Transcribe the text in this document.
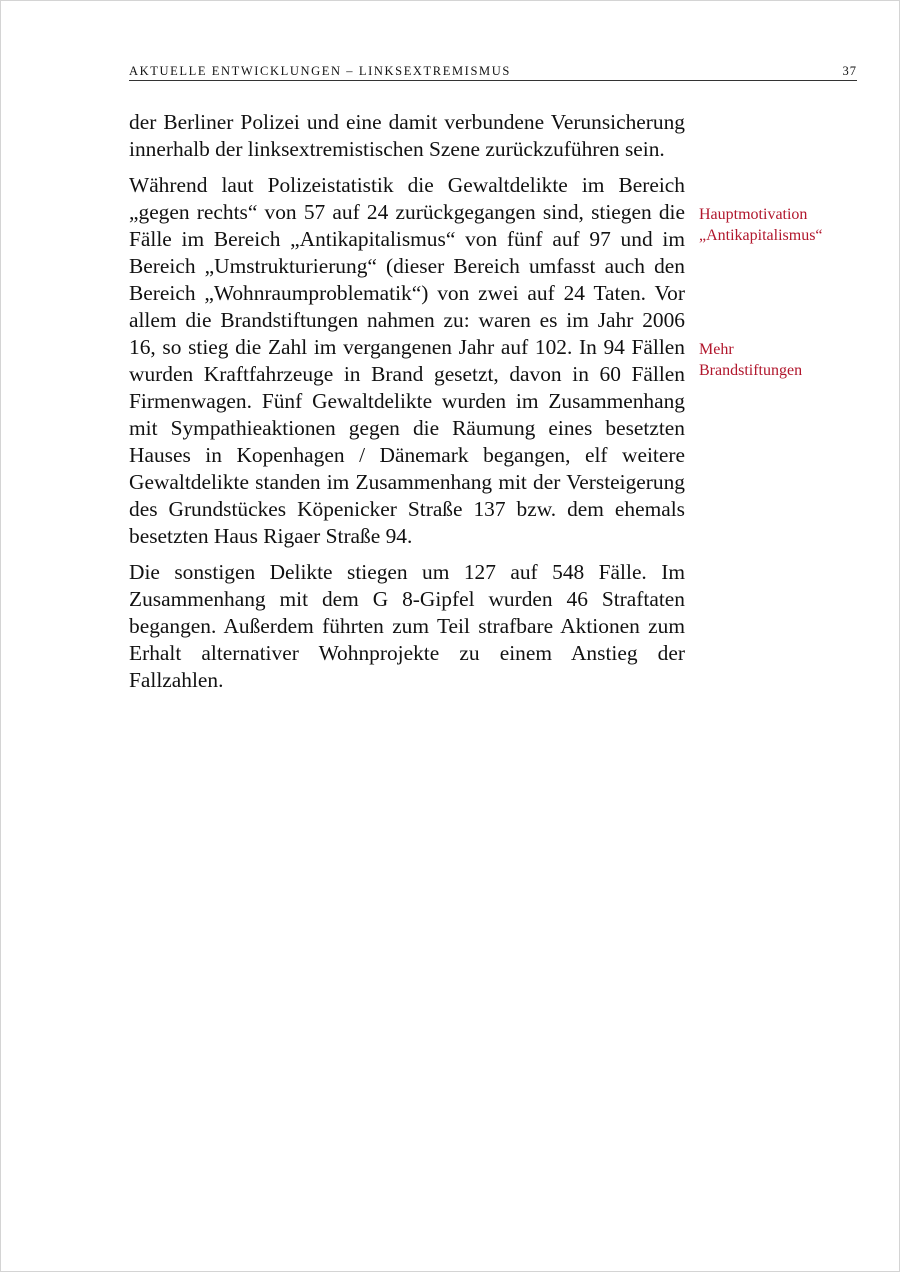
AKTUELLE ENTWICKLUNGEN – LINKSEXTREMISMUS	37

der Berliner Polizei und eine damit verbundene Verunsicherung innerhalb der linksextremistischen Szene zurückzuführen sein.

Während laut Polizeistatistik die Gewaltdelikte im Bereich „gegen rechts“ von 57 auf 24 zurückgegangen sind, stiegen die Fälle im Bereich „Antikapitalismus“ von fünf auf 97 und im Bereich „Umstrukturierung“ (dieser Bereich umfasst auch den Bereich „Wohnraumproblematik“) von zwei auf 24 Taten. Vor allem die Brandstiftungen nahmen zu: waren es im Jahr 2006 16, so stieg die Zahl im vergangenen Jahr auf 102. In 94 Fällen wurden Kraftfahrzeuge in Brand gesetzt, davon in 60 Fällen Firmenwagen. Fünf Gewaltdelikte wurden im Zusammenhang mit Sympathieaktionen gegen die Räumung eines besetzten Hauses in Kopenhagen / Dänemark begangen, elf weitere Gewaltdelikte standen im Zusammenhang mit der Versteigerung des Grundstückes Köpenicker Straße 137 bzw. dem ehemals besetzten Haus Rigaer Straße 94.

Die sonstigen Delikte stiegen um 127 auf 548 Fälle. Im Zusammenhang mit dem G 8-Gipfel wurden 46 Straftaten begangen. Außerdem führten zum Teil strafbare Aktionen zum Erhalt alternativer Wohnprojekte zu einem Anstieg der Fallzahlen.

Hauptmotivation
„Antikapitalismus“
Mehr
Brandstiftungen
